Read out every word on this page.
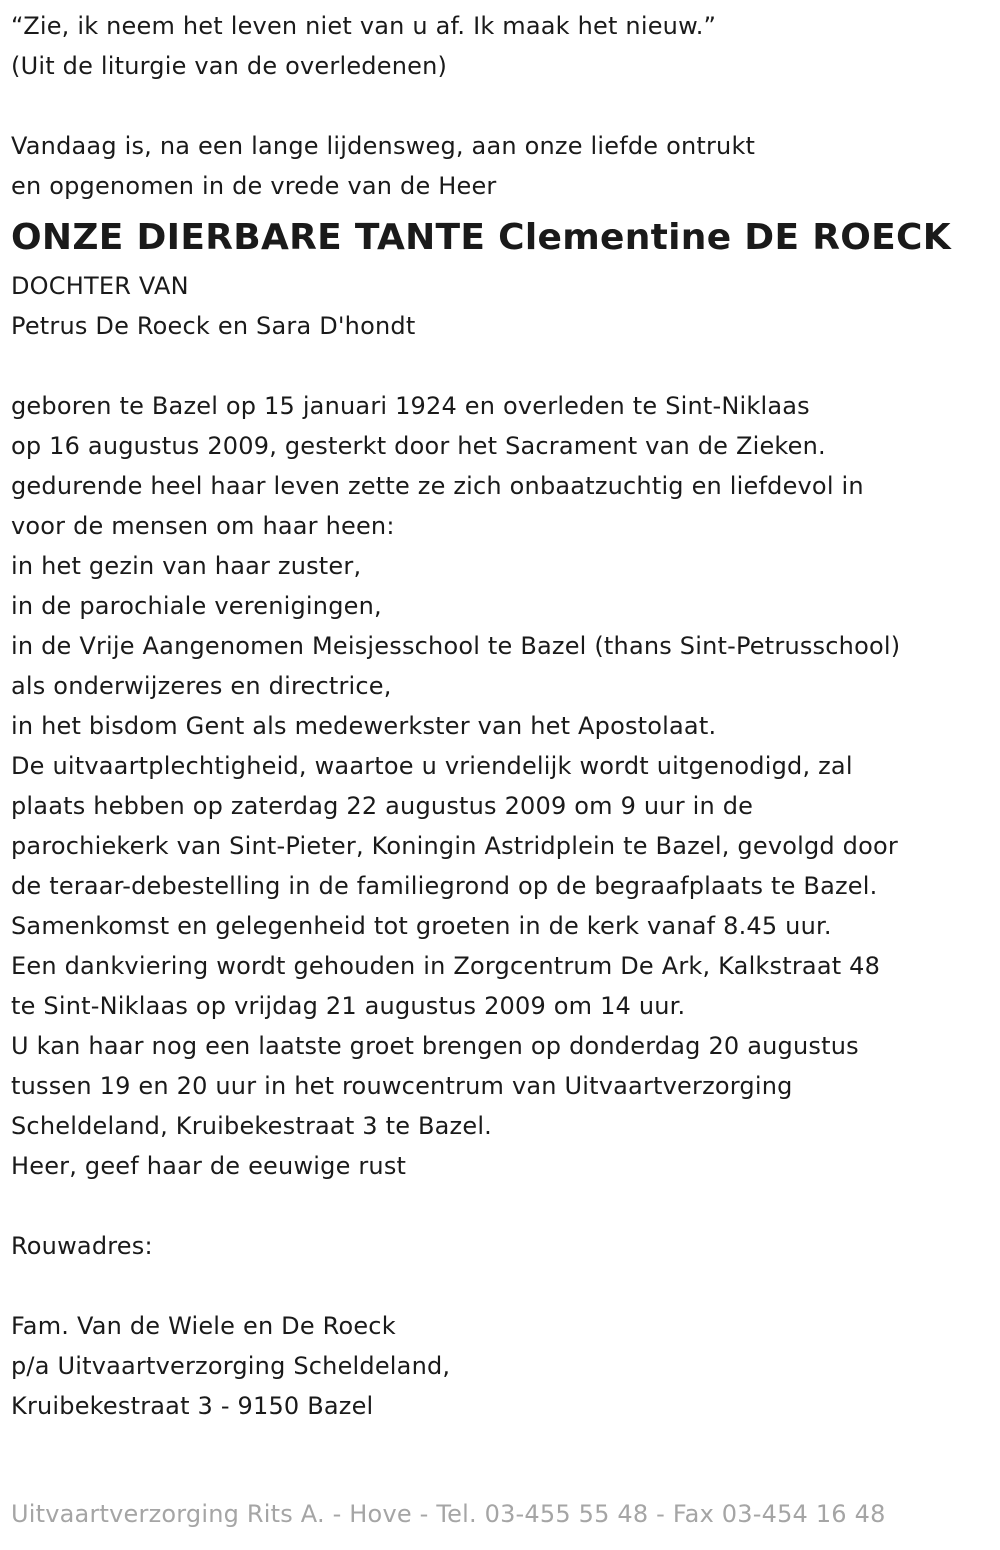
“Zie, ik neem het leven niet van u af. Ik maak het nieuw.”
(Uit de liturgie van de overledenen)
Vandaag is, na een lange lijdensweg, aan onze liefde ontrukt
en opgenomen in de vrede van de Heer
ONZE DIERBARE TANTE Clementine DE ROECK
DOCHTER VAN
Petrus De Roeck en Sara D'hondt
geboren te Bazel op 15 januari 1924 en overleden te Sint-Niklaas
op 16 augustus 2009, gesterkt door het Sacrament van de Zieken.
gedurende heel haar leven zette ze zich onbaatzuchtig en liefdevol in
voor de mensen om haar heen:
in het gezin van haar zuster,
in de parochiale verenigingen,
in de Vrije Aangenomen Meisjesschool te Bazel (thans Sint-Petrusschool)
als onderwijzeres en directrice,
in het bisdom Gent als medewerkster van het Apostolaat.
De uitvaartplechtigheid, waartoe u vriendelijk wordt uitgenodigd, zal
plaats hebben op zaterdag 22 augustus 2009 om 9 uur in de
parochiekerk van Sint-Pieter, Koningin Astridplein te Bazel, gevolgd door
de teraar-debestelling in de familiegrond op de begraafplaats te Bazel.
Samenkomst en gelegenheid tot groeten in de kerk vanaf 8.45 uur.
Een dankviering wordt gehouden in Zorgcentrum De Ark, Kalkstraat 48
te Sint-Niklaas op vrijdag 21 augustus 2009 om 14 uur.
U kan haar nog een laatste groet brengen op donderdag 20 augustus
tussen 19 en 20 uur in het rouwcentrum van Uitvaartverzorging
Scheldeland, Kruibekestraat 3 te Bazel.
Heer, geef haar de eeuwige rust
Rouwadres:
Fam. Van de Wiele en De Roeck
p/a Uitvaartverzorging Scheldeland,
Kruibekestraat 3 - 9150 Bazel
Uitvaartverzorging Rits A. - Hove - Tel. 03-455 55 48 - Fax 03-454 16 48
